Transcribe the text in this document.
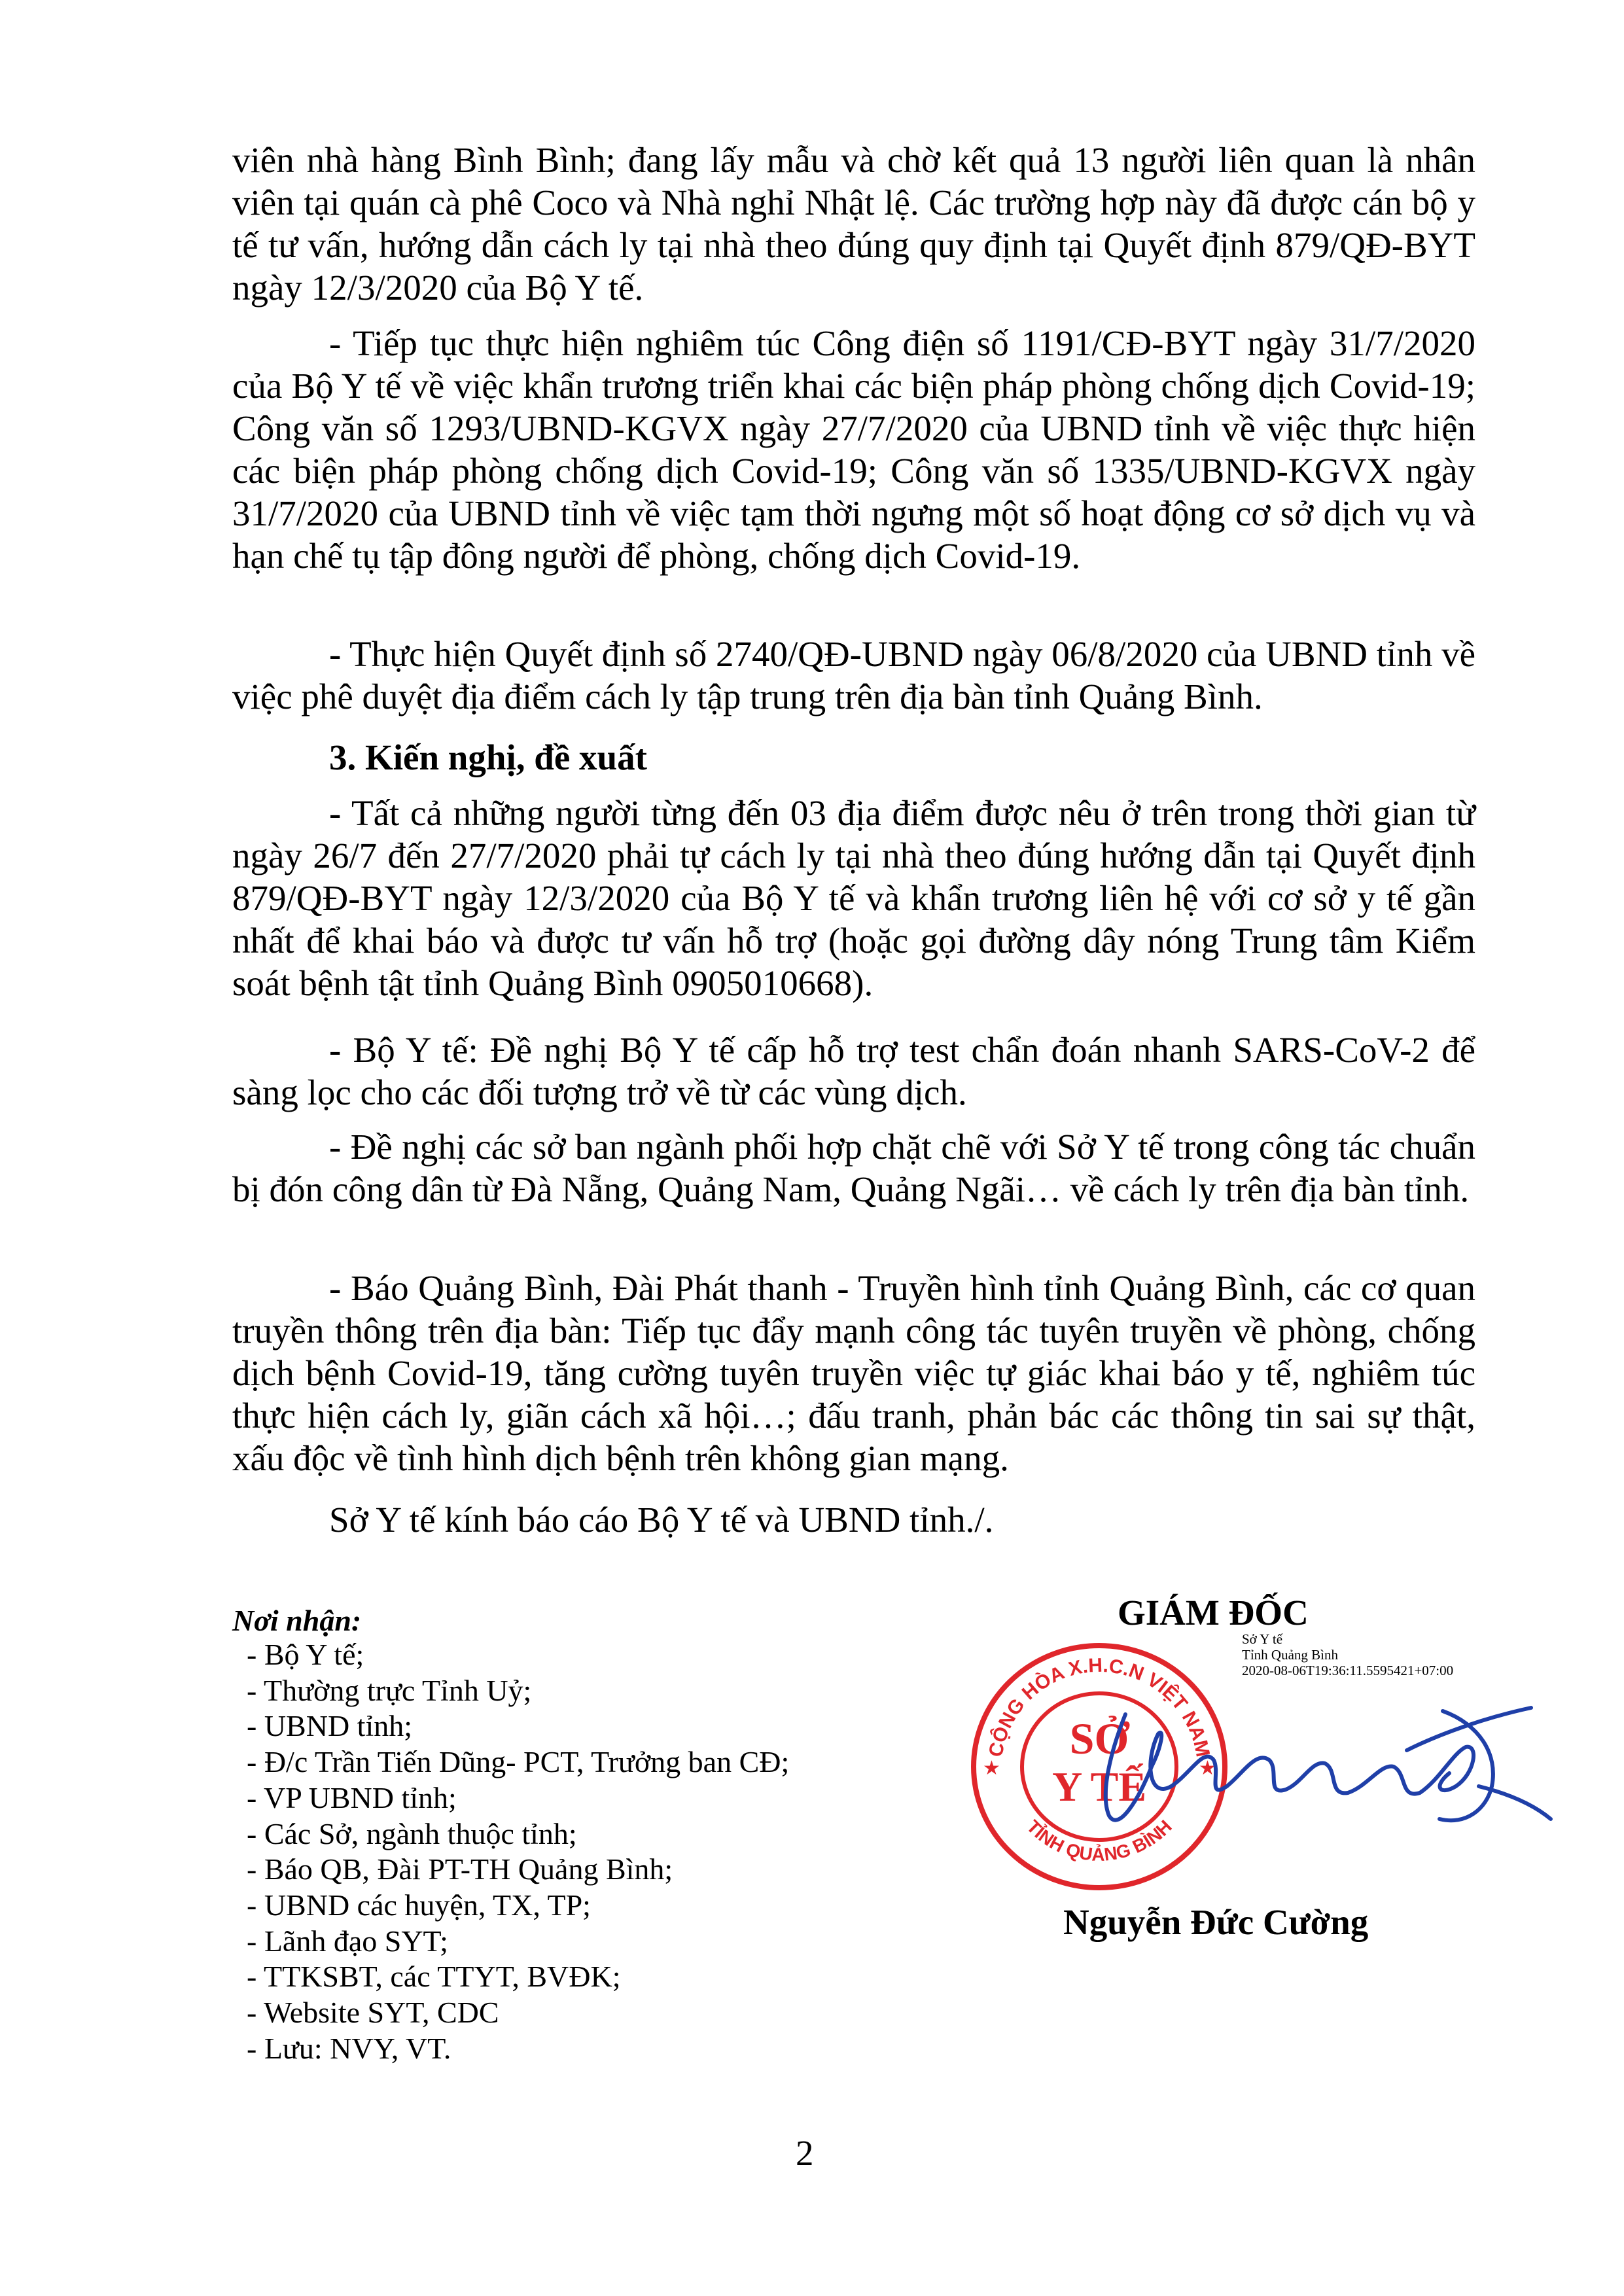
viên nhà hàng Bình Bình; đang lấy mẫu và chờ kết quả 13 người liên quan là nhân viên tại quán cà phê Coco và Nhà nghỉ Nhật lệ. Các trường hợp này đã được cán bộ y tế tư vấn, hướng dẫn cách ly tại nhà theo đúng quy định tại Quyết định 879/QĐ-BYT ngày 12/3/2020 của Bộ Y tế.

- Tiếp tục thực hiện nghiêm túc Công điện số 1191/CĐ-BYT ngày 31/7/2020 của Bộ Y tế về việc khẩn trương triển khai các biện pháp phòng chống dịch Covid-19; Công văn số 1293/UBND-KGVX ngày 27/7/2020 của UBND tỉnh về việc thực hiện các biện pháp phòng chống dịch Covid-19; Công văn số 1335/UBND-KGVX ngày 31/7/2020 của UBND tỉnh về việc tạm thời ngưng một số hoạt động cơ sở dịch vụ và hạn chế tụ tập đông người để phòng, chống dịch Covid-19.

- Thực hiện Quyết định số 2740/QĐ-UBND ngày 06/8/2020 của UBND tỉnh về việc phê duyệt địa điểm cách ly tập trung trên địa bàn tỉnh Quảng Bình.

3. Kiến nghị, đề xuất

- Tất cả những người từng đến 03 địa điểm được nêu ở trên trong thời gian từ ngày 26/7 đến 27/7/2020 phải tự cách ly tại nhà theo đúng hướng dẫn tại Quyết định 879/QĐ-BYT ngày 12/3/2020 của Bộ Y tế và khẩn trương liên hệ với cơ sở y tế gần nhất để khai báo và được tư vấn hỗ trợ (hoặc gọi đường dây nóng Trung tâm Kiểm soát bệnh tật tỉnh Quảng Bình 0905010668).

- Bộ Y tế: Đề nghị Bộ Y tế cấp hỗ trợ test chẩn đoán nhanh SARS-CoV-2 để sàng lọc cho các đối tượng trở về từ các vùng dịch.

- Đề nghị các sở ban ngành phối hợp chặt chẽ với Sở Y tế trong công tác chuẩn bị đón công dân từ Đà Nẵng, Quảng Nam, Quảng Ngãi… về cách ly trên địa bàn tỉnh.

- Báo Quảng Bình, Đài Phát thanh - Truyền hình tỉnh Quảng Bình, các cơ quan truyền thông trên địa bàn: Tiếp tục đẩy mạnh công tác tuyên truyền về phòng, chống dịch bệnh Covid-19, tăng cường tuyên truyền việc tự giác khai báo y tế, nghiêm túc thực hiện cách ly, giãn cách xã hội…; đấu tranh, phản bác các thông tin sai sự thật, xấu độc về tình hình dịch bệnh trên không gian mạng.

Sở Y tế kính báo cáo Bộ Y tế và UBND tỉnh./.

Nơi nhận:

- Bộ Y tế;
- Thường trực Tỉnh Uỷ;
- UBND tỉnh;
- Đ/c Trần Tiến Dũng- PCT, Trưởng ban CĐ;
- VP UBND tỉnh;
- Các Sở, ngành thuộc tỉnh;
- Báo QB, Đài PT-TH Quảng Bình;
- UBND các huyện, TX, TP;
- Lãnh đạo SYT;
- TTKSBT, các TTYT, BVĐK;
- Website SYT, CDC
- Lưu: NVY, VT.
GIÁM ĐỐC
Sở Y tế
Tỉnh Quảng Bình
2020-08-06T19:36:11.5595421+07:00
CỘNG HÒA X.H.C.N VIỆT NAM
TỈNH QUẢNG BÌNH
★	★
SỞ
Y TẾ
Nguyễn Đức Cường
2
